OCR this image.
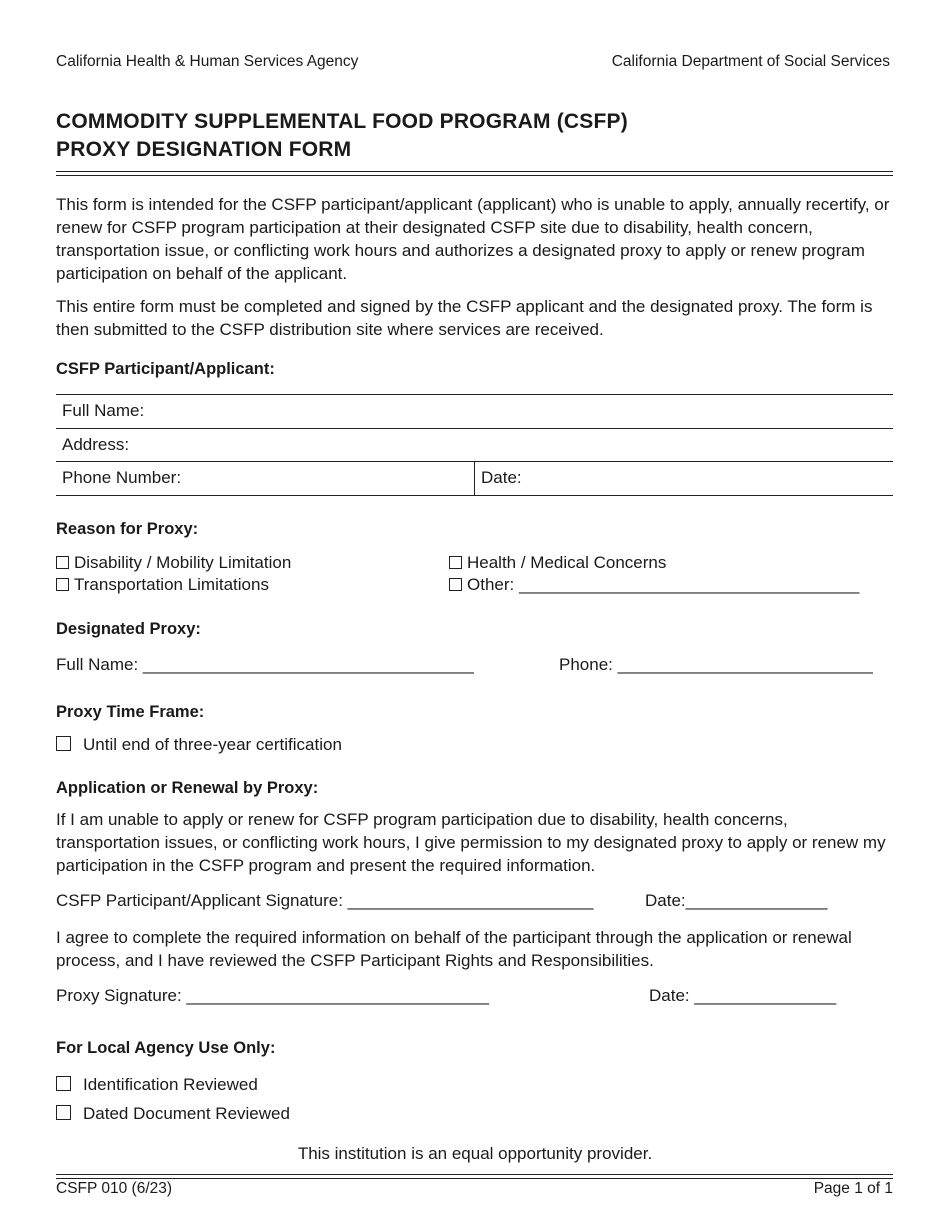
California Health & Human Services Agency	California Department of Social Services
COMMODITY SUPPLEMENTAL FOOD PROGRAM (CSFP)
PROXY DESIGNATION FORM
This form is intended for the CSFP participant/applicant (applicant) who is unable to apply, annually recertify, or renew for CSFP program participation at their designated CSFP site due to disability, health concern, transportation issue, or conflicting work hours and authorizes a designated proxy to apply or renew program participation on behalf of the applicant.
This entire form must be completed and signed by the CSFP applicant and the designated proxy. The form is then submitted to the CSFP distribution site where services are received.
CSFP Participant/Applicant:
Full Name:
Address:
Phone Number:	Date:
Reason for Proxy:
Disability / Mobility Limitation
Transportation Limitations
Health / Medical Concerns
Other: ____________________________________
Designated Proxy:
Full Name: ___________________________________	Phone: ___________________________
Proxy Time Frame:
Until end of three-year certification
Application or Renewal by Proxy:
If I am unable to apply or renew for CSFP program participation due to disability, health concerns, transportation issues, or conflicting work hours, I give permission to my designated proxy to apply or renew my participation in the CSFP program and present the required information.
CSFP Participant/Applicant Signature: __________________________	Date:_______________
I agree to complete the required information on behalf of the participant through the application or renewal process, and I have reviewed the CSFP Participant Rights and Responsibilities.
Proxy Signature: ________________________________	Date: _______________
For Local Agency Use Only:
Identification Reviewed
Dated Document Reviewed
This institution is an equal opportunity provider.
CSFP 010 (6/23)	Page 1 of 1
